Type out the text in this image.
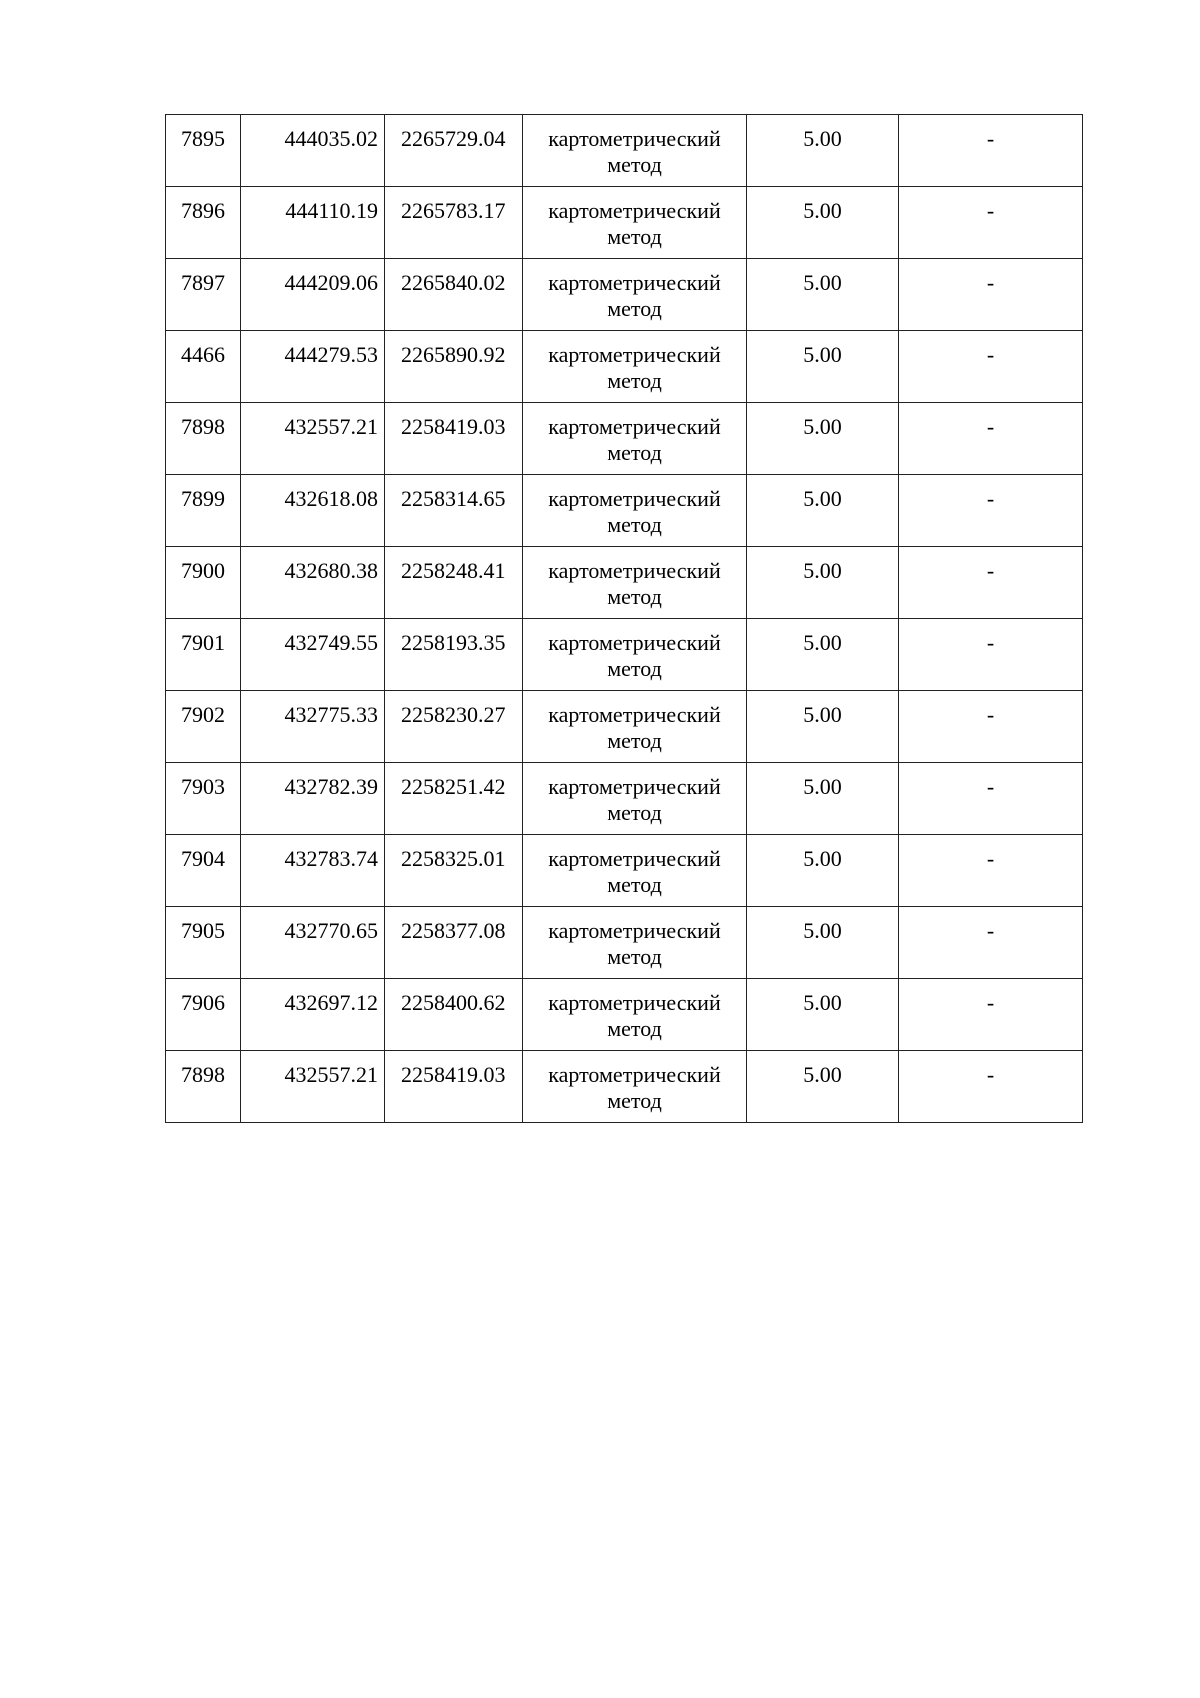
7895	444035.02	2265729.04	картометрический
метод	5.00	-

7896	444110.19	2265783.17	картометрический
метод	5.00	-

7897	444209.06	2265840.02	картометрический
метод	5.00	-

4466	444279.53	2265890.92	картометрический
метод	5.00	-

7898	432557.21	2258419.03	картометрический
метод	5.00	-

7899	432618.08	2258314.65	картометрический
метод	5.00	-

7900	432680.38	2258248.41	картометрический
метод	5.00	-

7901	432749.55	2258193.35	картометрический
метод	5.00	-

7902	432775.33	2258230.27	картометрический
метод	5.00	-

7903	432782.39	2258251.42	картометрический
метод	5.00	-

7904	432783.74	2258325.01	картометрический
метод	5.00	-

7905	432770.65	2258377.08	картометрический
метод	5.00	-

7906	432697.12	2258400.62	картометрический
метод	5.00	-

7898	432557.21	2258419.03	картометрический
метод	5.00	-
